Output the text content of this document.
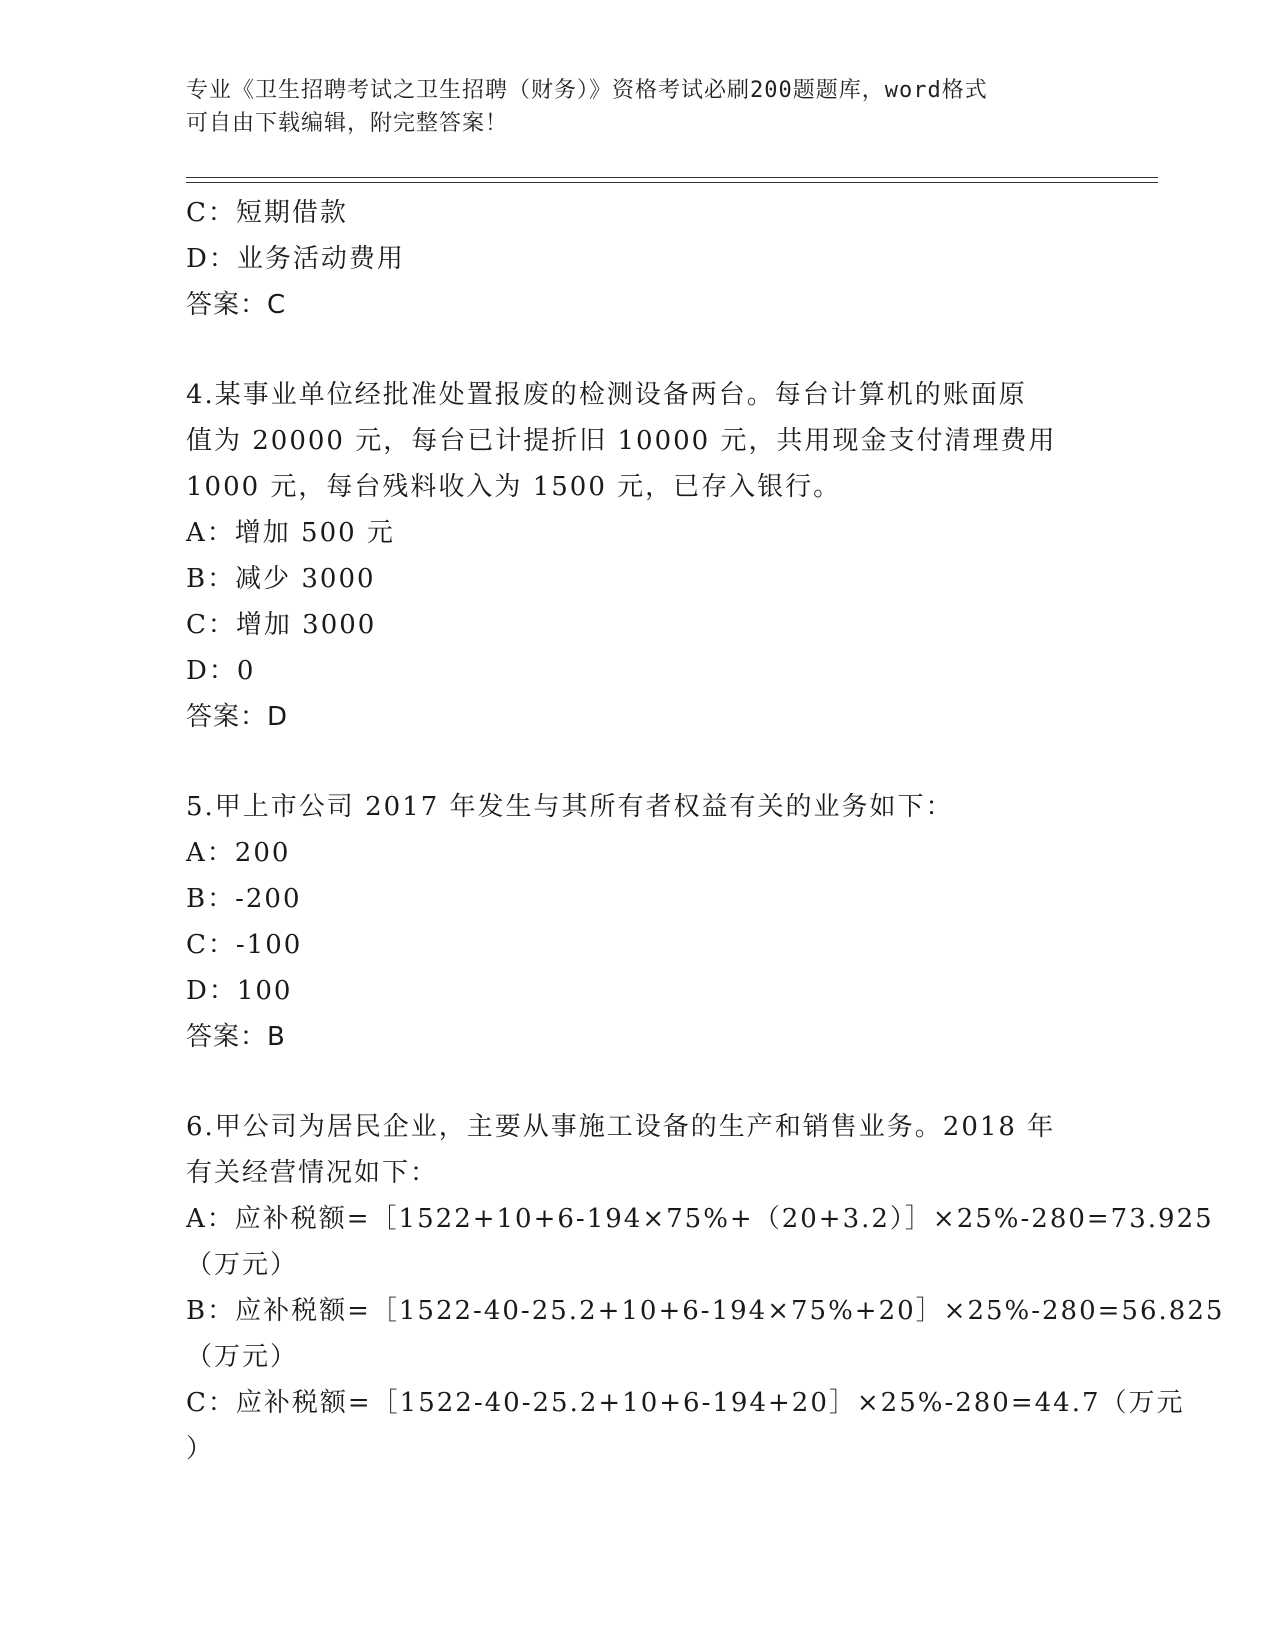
专业《卫生招聘考试之卫生招聘（财务）》资格考试必刷200题题库，word格式
可自由下载编辑，附完整答案！
C：短期借款
D：业务活动费用
答案：C
4.某事业单位经批准处置报废的检测设备两台。每台计算机的账面原
值为 20000 元，每台已计提折旧 10000 元，共用现金支付清理费用
1000 元，每台残料收入为 1500 元，已存入银行。
A：增加 500 元
B：减少 3000
C：增加 3000
D：0
答案：D
5.甲上市公司 2017 年发生与其所有者权益有关的业务如下：
A：200
B：-200
C：-100
D：100
答案：B
6.甲公司为居民企业，主要从事施工设备的生产和销售业务。2018 年
有关经营情况如下：
A：应补税额=［1522+10+6-194×75%+（20+3.2）］×25%-280=73.925
（万元）
B：应补税额=［1522-40-25.2+10+6-194×75%+20］×25%-280=56.825
（万元）
C：应补税额=［1522-40-25.2+10+6-194+20］×25%-280=44.7（万元
）
